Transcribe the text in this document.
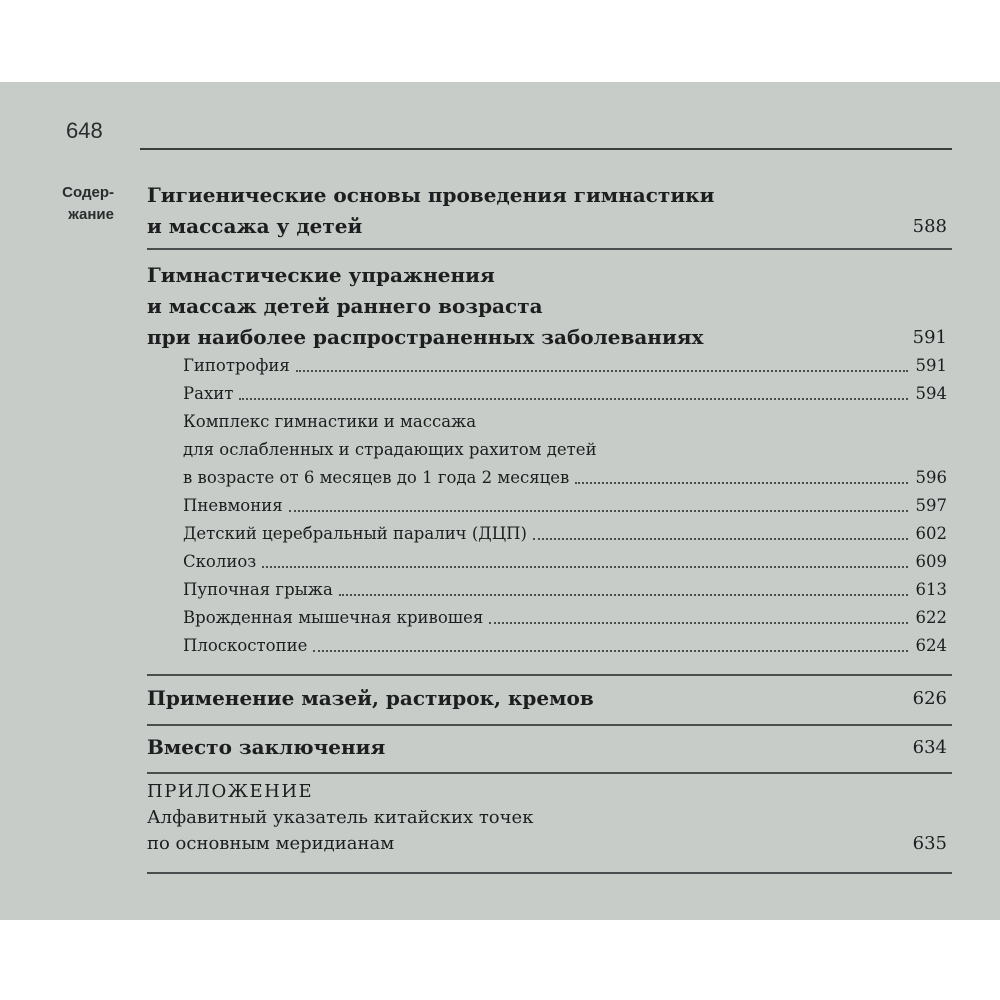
648
Содер-
жание
Гигиенические основы проведения гимнастики
и массажа у детей	588
Гимнастические упражнения
и массаж детей раннего возраста
при наиболее распространенных заболеваниях	591
Гипотрофия	591
Рахит	594
Комплекс гимнастики и массажа
для ослабленных и страдающих рахитом детей
в возрасте от 6 месяцев до 1 года 2 месяцев	596
Пневмония	597
Детский церебральный паралич (ДЦП)	602
Сколиоз	609
Пупочная грыжа	613
Врожденная мышечная кривошея	622
Плоскостопие	624
Применение мазей, растирок, кремов	626
Вместо заключения	634
ПРИЛОЖЕНИЕ
Алфавитный указатель китайских точек
по основным меридианам	635
